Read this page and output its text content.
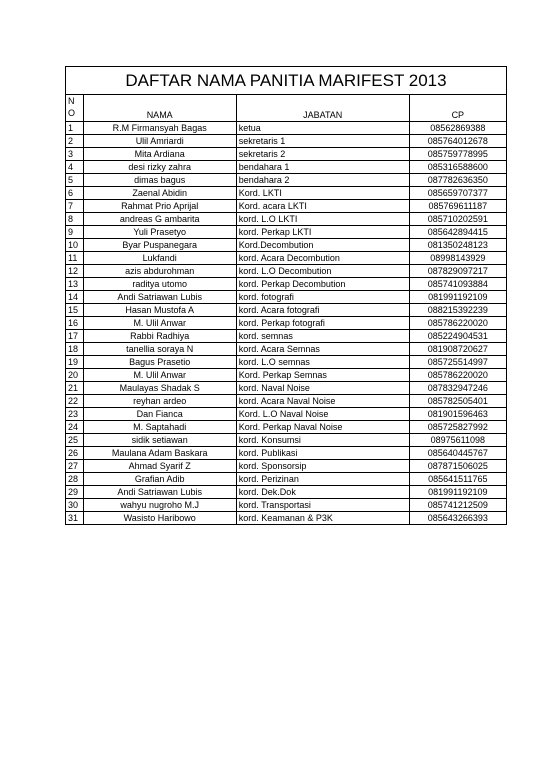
DAFTAR NAMA PANITIA MARIFEST 2013			
N
O	NAMA	JABATAN	CP
1	R.M Firmansyah Bagas	ketua	08562869388
2	Ulil Amriardi	sekretaris 1	085764012678
3	Mita Ardiana	sekretaris 2	085759778995
4	desi rizky zahra	bendahara 1	085316588600
5	dimas bagus	bendahara 2	087782636350
6	Zaenal Abidin	Kord. LKTI	085659707377
7	Rahmat Prio Aprijal	Kord. acara LKTI	085769611187
8	andreas G ambarita	kord. L.O LKTI	085710202591
9	Yuli Prasetyo	kord. Perkap LKTI	085642894415
10	Byar Puspanegara	Kord.Decombution	081350248123
11	Lukfandi	kord. Acara Decombution	08998143929
12	azis abdurohman	kord. L.O Decombution	087829097217
13	raditya utomo	kord. Perkap Decombution	085741093884
14	Andi Satriawan Lubis	kord. fotografi	081991192109
15	Hasan Mustofa A	kord. Acara fotografi	088215392239
16	M. Ulil Anwar	kord. Perkap fotografi	085786220020
17	Rabbi Radhiya	kord. semnas	085224904531
18	tanellia soraya N	kord. Acara Semnas	081908720627
19	Bagus Prasetio	kord. L.O semnas	085725514997
20	M. Ulil Anwar	Kord. Perkap Semnas	085786220020
21	Maulayas Shadak S	kord. Naval Noise	087832947246
22	reyhan ardeo	kord. Acara Naval Noise	085782505401
23	Dan Fianca	Kord. L.O Naval Noise	081901596463
24	M. Saptahadi	Kord. Perkap Naval Noise	085725827992
25	sidik setiawan	kord. Konsumsi	08975611098
26	Maulana Adam Baskara	kord. Publikasi	085640445767
27	Ahmad Syarif Z	kord. Sponsorsip	087871506025
28	Grafian Adib	kord. Perizinan	085641511765
29	Andi Satriawan Lubis	kord. Dek.Dok	081991192109
30	wahyu nugroho M.J	kord. Transportasi	085741212509
31	Wasisto Haribowo	kord. Keamanan & P3K	085643266393
